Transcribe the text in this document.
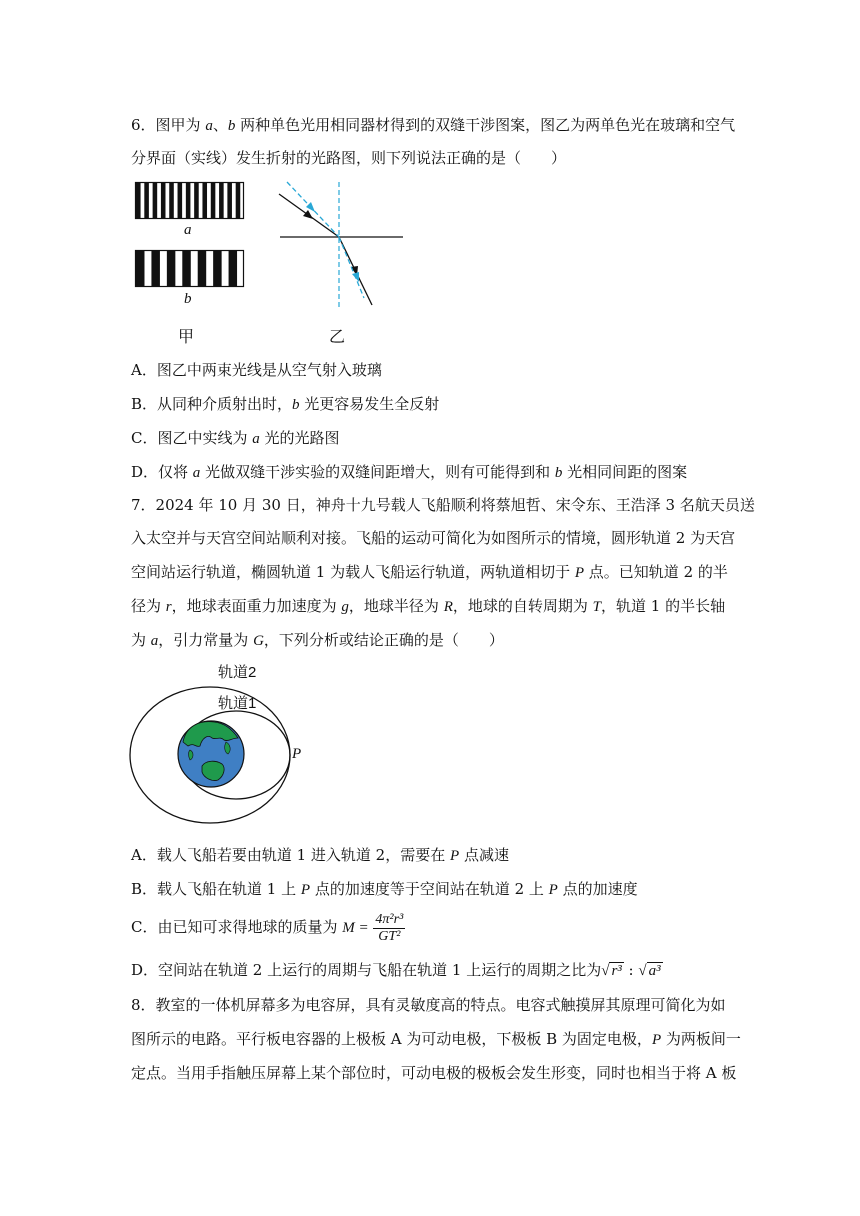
6．图甲为 a、b 两种单色光用相同器材得到的双缝干涉图案，图乙为两单色光在玻璃和空气
分界面（实线）发生折射的光路图，则下列说法正确的是（　　）
a
b
甲	乙
A．图乙中两束光线是从空气射入玻璃
B．从同种介质射出时，b 光更容易发生全反射
C．图乙中实线为 a 光的光路图
D．仅将 a 光做双缝干涉实验的双缝间距增大，则有可能得到和 b 光相同间距的图案
7．2024 年 10 月 30 日，神舟十九号载人飞船顺利将蔡旭哲、宋令东、王浩泽 3 名航天员送
入太空并与天宫空间站顺利对接。飞船的运动可简化为如图所示的情境，圆形轨道 2 为天宫
空间站运行轨道，椭圆轨道 1 为载人飞船运行轨道，两轨道相切于 P 点。已知轨道 2 的半
径为 r，地球表面重力加速度为 g，地球半径为 R，地球的自转周期为 T，轨道 1 的半长轴
为 a，引力常量为 G，下列分析或结论正确的是（　　）
轨道2
轨道1
P
A．载人飞船若要由轨道 1 进入轨道 2，需要在 P 点减速
B．载人飞船在轨道 1 上 P 点的加速度等于空间站在轨道 2 上 P 点的加速度
C．由已知可求得地球的质量为 $M = \frac{\text{4π²r³}}{\text{GT²}}$
D．空间站在轨道 2 上运行的周期与飞船在轨道 1 上运行的周期之比为√ r³ : √ a³
8．教室的一体机屏幕多为电容屏，具有灵敏度高的特点。电容式触摸屏其原理可简化为如
图所示的电路。平行板电容器的上极板 A 为可动电极，下极板 B 为固定电极，P 为两板间一
定点。当用手指触压屏幕上某个部位时，可动电极的极板会发生形变，同时也相当于将 A 板
